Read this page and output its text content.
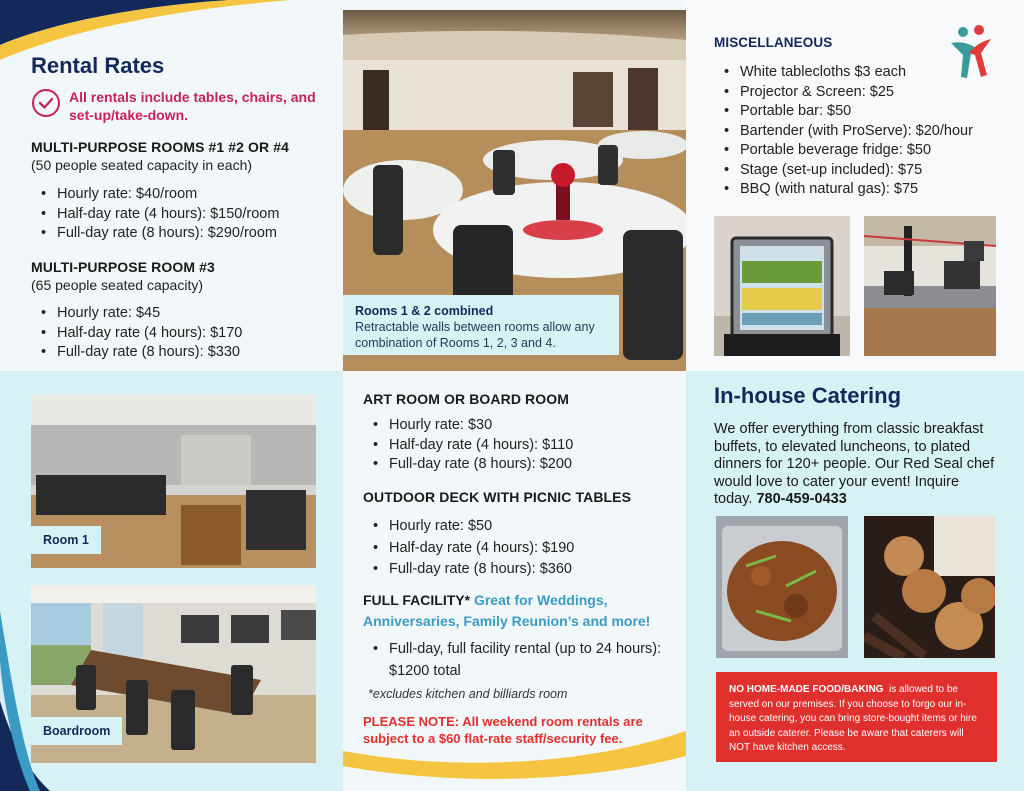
Rental Rates
All rentals include tables, chairs, and set-up/take-down.
MULTI-PURPOSE ROOMS #1 #2 OR #4
(50 people seated capacity in each)
• Hourly rate: $40/room
• Half-day rate (4 hours): $150/room
• Full-day rate (8 hours): $290/room
MULTI-PURPOSE ROOM #3
(65 people seated capacity)
• Hourly rate: $45
• Half-day rate (4 hours): $170
• Full-day rate (8 hours): $330
Rooms 1 & 2 combined
Retractable walls between rooms allow any combination of Rooms 1, 2, 3 and 4.
MISCELLANEOUS
• White tablecloths $3 each
• Projector & Screen: $25
• Portable bar: $50
• Bartender (with ProServe): $20/hour
• Portable beverage fridge: $50
• Stage (set-up included): $75
• BBQ (with natural gas): $75
Room 1
Boardroom
ART ROOM OR BOARD ROOM
• Hourly rate: $30
• Half-day rate (4 hours): $110
• Full-day rate (8 hours): $200
OUTDOOR DECK WITH PICNIC TABLES
• Hourly rate: $50
• Half-day rate (4 hours): $190
• Full-day rate (8 hours): $360
FULL FACILITY* Great for Weddings, Anniversaries, Family Reunion’s and more!
• Full-day, full facility rental (up to 24 hours):
$1200 total
*excludes kitchen and billiards room
PLEASE NOTE: All weekend room rentals are subject to a $60 flat-rate staff/security fee.
In-house Catering
We offer everything from classic breakfast buffets, to elevated luncheons, to plated dinners for 120+ people. Our Red Seal chef would love to cater your event! Inquire today. 780-459-0433
NO HOME-MADE FOOD/BAKING is allowed to be served on our premises. If you choose to forgo our in-house catering, you can bring store-bought items or hire an outside caterer. Please be aware that caterers will NOT have kitchen access.
